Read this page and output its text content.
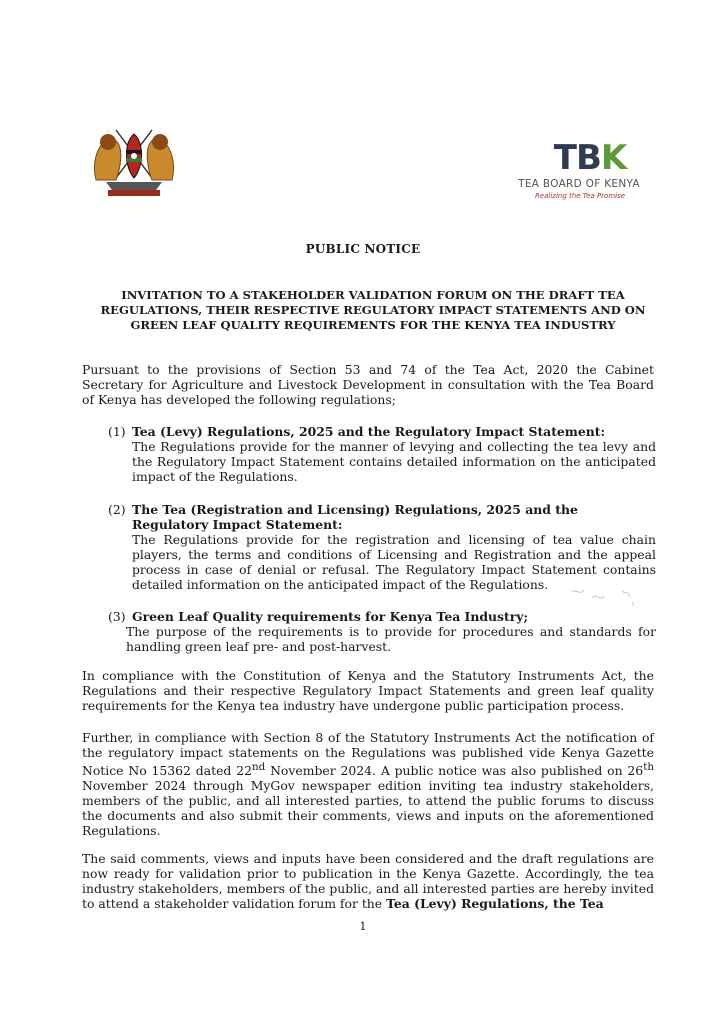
TBK
TEA BOARD OF KENYA
Realizing the Tea Promise
PUBLIC NOTICE
INVITATION TO A STAKEHOLDER VALIDATION FORUM ON THE DRAFT TEA
REGULATIONS, THEIR RESPECTIVE REGULATORY IMPACT STATEMENTS AND ON
GREEN LEAF QUALITY REQUIREMENTS FOR THE KENYA TEA INDUSTRY
Pursuant to the provisions of Section 53 and 74 of the Tea Act, 2020 the Cabinet Secretary for Agriculture and Livestock Development in consultation with the Tea Board of Kenya has developed the following regulations;
(1) Tea (Levy) Regulations, 2025 and the Regulatory Impact Statement:
The Regulations provide for the manner of levying and collecting the tea levy and the Regulatory Impact Statement contains detailed information on the anticipated impact of the Regulations.
(2) The Tea (Registration and Licensing) Regulations, 2025 and the Regulatory Impact Statement:
The Regulations provide for the registration and licensing of tea value chain players, the terms and conditions of Licensing and Registration and the appeal process in case of denial or refusal. The Regulatory Impact Statement contains detailed information on the anticipated impact of the Regulations.
(3) Green Leaf Quality requirements for Kenya Tea Industry;
The purpose of the requirements is to provide for procedures and standards for handling green leaf pre- and post-harvest.
In compliance with the Constitution of Kenya and the Statutory Instruments Act, the Regulations and their respective Regulatory Impact Statements and green leaf quality requirements for the Kenya tea industry have undergone public participation process.
Further, in compliance with Section 8 of the Statutory Instruments Act the notification of the regulatory impact statements on the Regulations was published vide Kenya Gazette Notice No 15362 dated 22nd November 2024. A public notice was also published on 26th November 2024 through MyGov newspaper edition inviting tea industry stakeholders, members of the public, and all interested parties, to attend the public forums to discuss the documents and also submit their comments, views and inputs on the aforementioned Regulations.
The said comments, views and inputs have been considered and the draft regulations are now ready for validation prior to publication in the Kenya Gazette. Accordingly, the tea industry stakeholders, members of the public, and all interested parties are hereby invited to attend a stakeholder validation forum for the Tea (Levy) Regulations, the Tea
1
